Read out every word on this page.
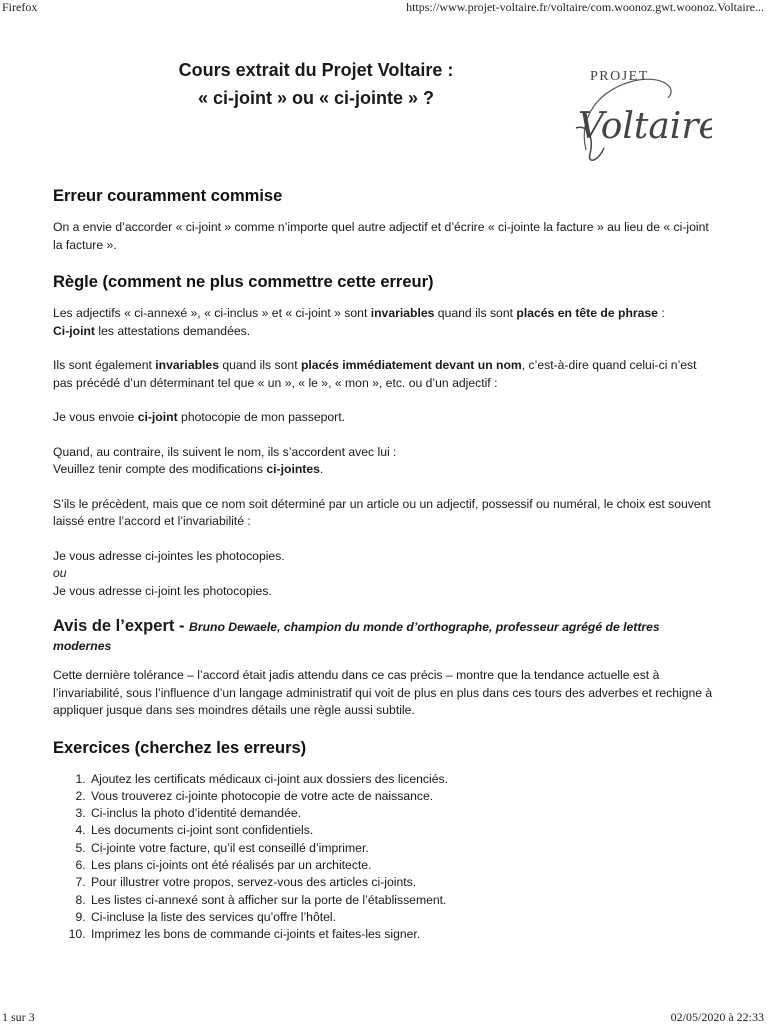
Firefox	https://www.projet-voltaire.fr/voltaire/com.woonoz.gwt.woonoz.Voltaire...
Cours extrait du Projet Voltaire :
« ci-joint » ou « ci-jointe » ?
PROJET
Voltaire
Erreur couramment commise

On a envie d’accorder « ci-joint » comme n’importe quel autre adjectif et d’écrire « ci-jointe la facture » au lieu de « ci-joint la facture ».

Règle (comment ne plus commettre cette erreur)

Les adjectifs « ci-annexé », « ci-inclus » et « ci-joint » sont invariables quand ils sont placés en tête de phrase :
Ci-joint les attestations demandées.

Ils sont également invariables quand ils sont placés immédiatement devant un nom, c’est-à-dire quand celui-ci n’est pas précédé d’un déterminant tel que « un », « le », « mon », etc. ou d’un adjectif :

Je vous envoie ci-joint photocopie de mon passeport.

Quand, au contraire, ils suivent le nom, ils s’accordent avec lui :
Veuillez tenir compte des modifications ci-jointes.

S’ils le précèdent, mais que ce nom soit déterminé par un article ou un adjectif, possessif ou numéral, le choix est souvent laissé entre l’accord et l’invariabilité :

Je vous adresse ci-jointes les photocopies.
ou
Je vous adresse ci-joint les photocopies.
Avis de l’expert - Bruno Dewaele, champion du monde d’orthographe, professeur agrégé de lettres modernes

Cette dernière tolérance – l’accord était jadis attendu dans ce cas précis – montre que la tendance actuelle est à l’invariabilité, sous l’influence d’un langage administratif qui voit de plus en plus dans ces tours des adverbes et rechigne à appliquer jusque dans ses moindres détails une règle aussi subtile.

Exercices (cherchez les erreurs)
1. Ajoutez les certificats médicaux ci-joint aux dossiers des licenciés.
2. Vous trouverez ci-jointe photocopie de votre acte de naissance.
3. Ci-inclus la photo d’identité demandée.
4. Les documents ci-joint sont confidentiels.
5. Ci-jointe votre facture, qu’il est conseillé d’imprimer.
6. Les plans ci-joints ont été réalisés par un architecte.
7. Pour illustrer votre propos, servez-vous des articles ci-joints.
8. Les listes ci-annexé sont à afficher sur la porte de l’établissement.
9. Ci-incluse la liste des services qu’offre l’hôtel.
10. Imprimez les bons de commande ci-joints et faites-les signer.
1 sur 3	02/05/2020 à 22:33
